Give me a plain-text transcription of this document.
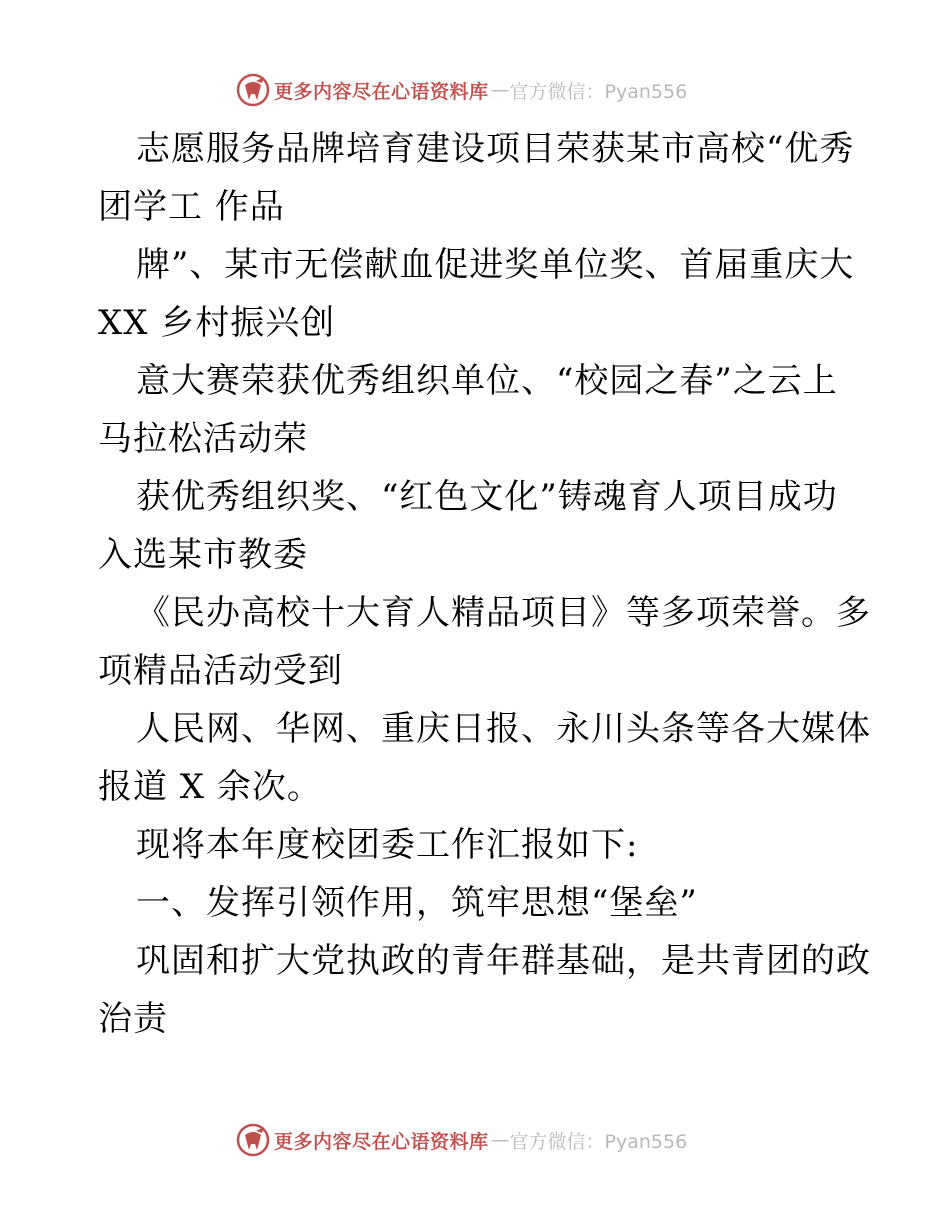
更多内容尽在心语资料库 — 官方微信：Pyan556
志愿服务品牌培育建设项目荣获某市高校“优秀
团学工 作品
牌”、某市无偿献血促进奖单位奖、首届重庆大
XX 乡村振兴创
意大赛荣获优秀组织单位、“校园之春”之云上
马拉松活动荣
获优秀组织奖、“红色文化”铸魂育人项目成功
入选某市教委
《民办高校十大育人精品项目》等多项荣誉。多
项精品活动受到
人民网、华网、重庆日报、永川头条等各大媒体
报道 X 余次。
现将本年度校团委工作汇报如下:
一、发挥引领作用，筑牢思想“堡垒”
巩固和扩大党执政的青年群基础，是共青团的政
治责
更多内容尽在心语资料库 — 官方微信：Pyan556
